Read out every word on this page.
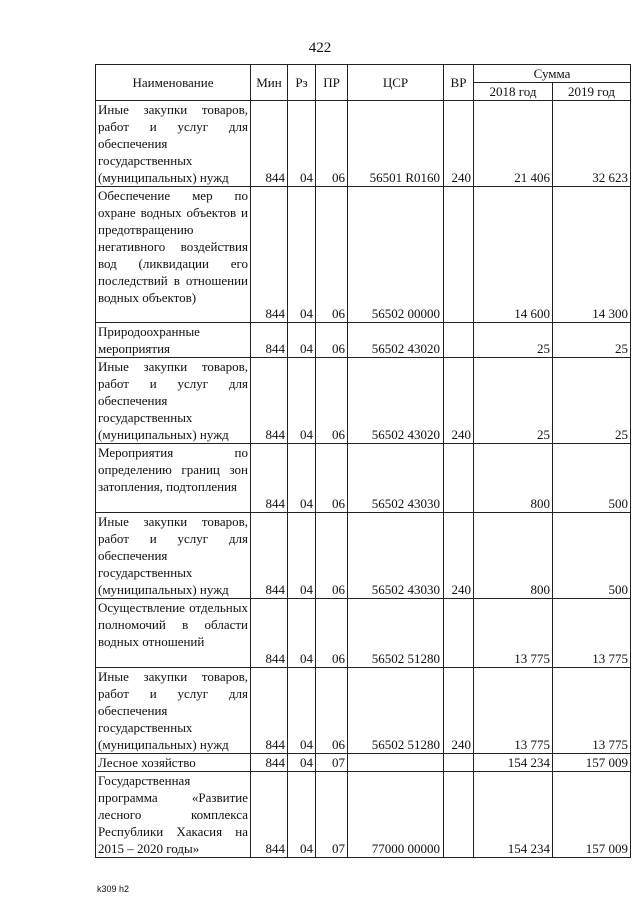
422
Наименование	Мин	Рз	ПР	ЦСР	ВР	Сумма	
						2018 год	2019 год
Иные закупки товаров, работ и услуг для обеспечения государственных (муниципальных) нужд	844	04	06	56501 R0160	240	21 406	32 623
Обеспечение мер по охране водных объектов и предотвращению негативного воздействия вод (ликвидации его последствий в отношении водных объектов)	844	04	06	56502 00000		14 600	14 300
Природоохранные мероприятия	844	04	06	56502 43020		25	25
Иные закупки товаров, работ и услуг для обеспечения государственных (муниципальных) нужд	844	04	06	56502 43020	240	25	25
Мероприятия по определению границ зон затопления, подтопления	844	04	06	56502 43030		800	500
Иные закупки товаров, работ и услуг для обеспечения государственных (муниципальных) нужд	844	04	06	56502 43030	240	800	500
Осуществление отдельных полномочий в области водных отношений	844	04	06	56502 51280		13 775	13 775
Иные закупки товаров, работ и услуг для обеспечения государственных (муниципальных) нужд	844	04	06	56502 51280	240	13 775	13 775
Лесное хозяйство	844	04	07			154 234	157 009
Государственная программа «Развитие лесного комплекса Республики Хакасия на 2015 – 2020 годы»	844	04	07	77000 00000		154 234	157 009
k309 h2
